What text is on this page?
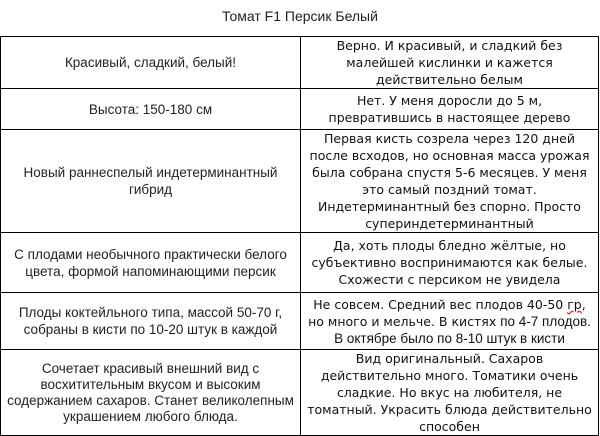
Томат F1 Персик Белый
Красивый, сладкий, белый!	Верно. И красивый, и сладкий без малейшей кислинки и кажется действительно белым
Высота: 150-180 см	Нет. У меня доросли до 5 м, превратившись в настоящее дерево
Новый раннеспелый индетерминантный гибрид	Первая кисть созрела через 120 дней после всходов, но основная масса урожая была собрана спустя 5-6 месяцев. У меня это самый поздний томат. Индетерминантный без спорно. Просто супериндетерминантный
С плодами необычного практически белого цвета, формой напоминающими персик	Да, хоть плоды бледно жёлтые, но субъективно воспринимаются как белые. Схожести с персиком не увидела
Плоды коктейльного типа, массой 50-70 г, собраны в кисти по 10-20 штук в каждой	Не совсем. Средний вес плодов 40-50 гр, но много и мельче. В кистях по 4-7 плодов. В октябре было по 8-10 штук в кисти
Сочетает красивый внешний вид с восхитительным вкусом и высоким содержанием сахаров. Станет великолепным украшением любого блюда.	Вид оригинальный. Сахаров действительно много. Томатики очень сладкие. Но вкус на любителя, не томатный. Украсить блюда действительно способен
